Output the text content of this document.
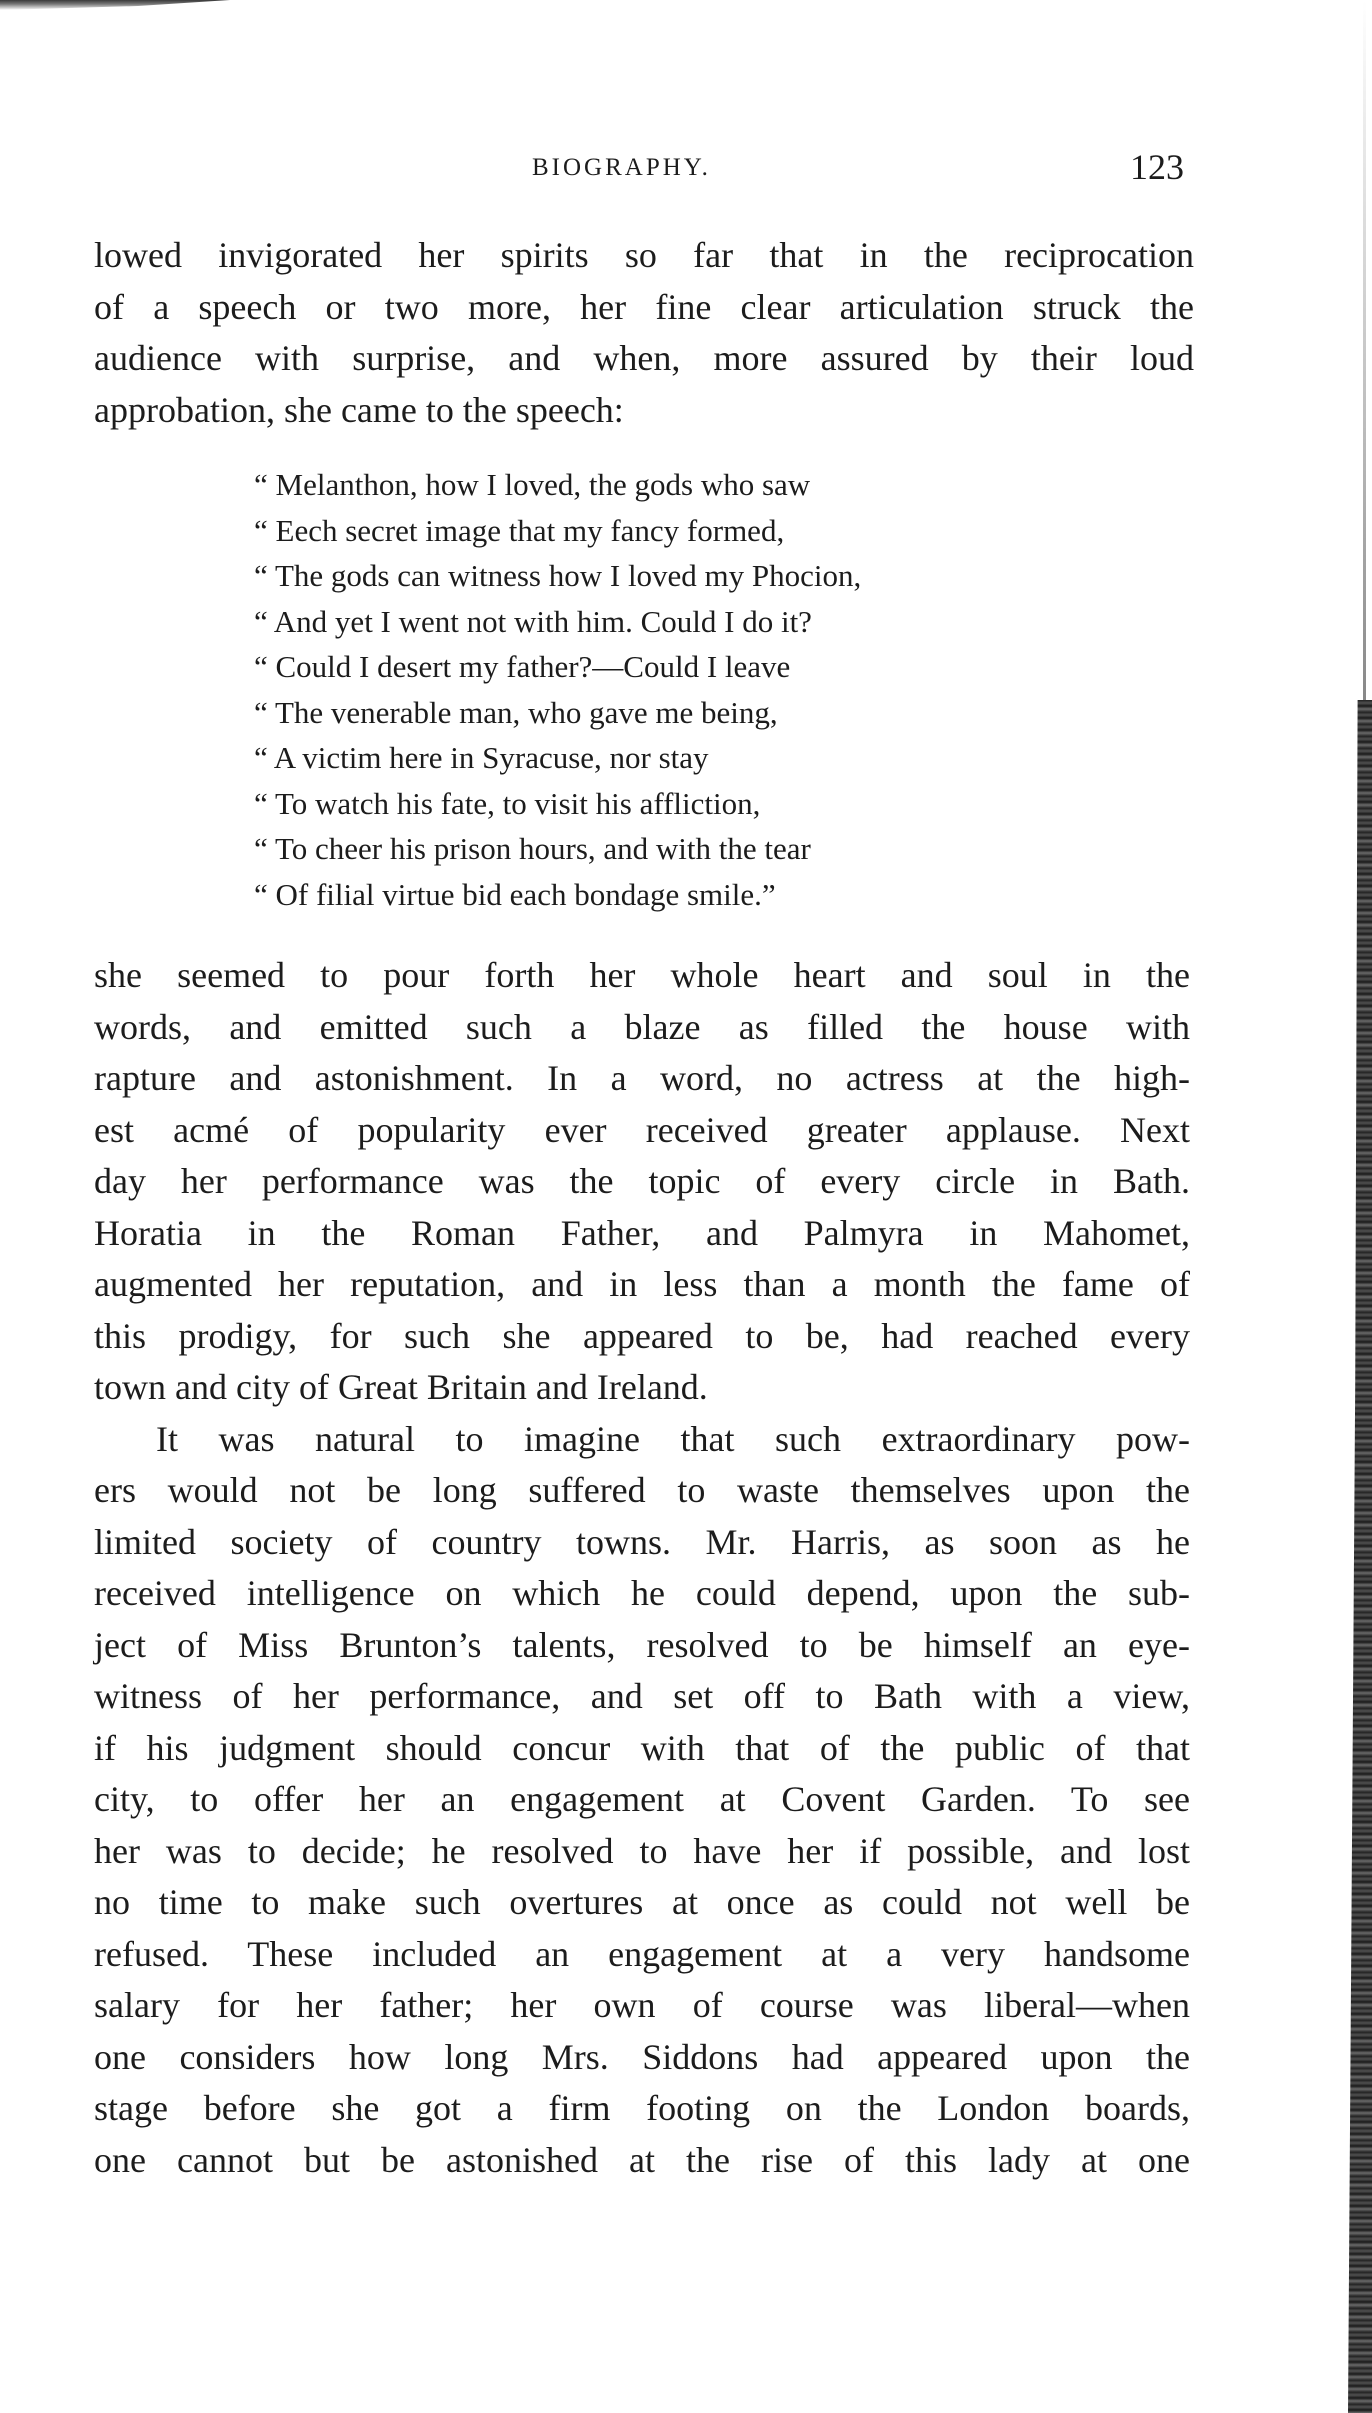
BIOGRAPHY.	123
lowed invigorated her spirits so far that in the reciprocation
of a speech or two more, her fine clear articulation struck the
audience with surprise, and when, more assured by their loud
approbation, she came to the speech:
“ Melanthon, how I loved, the gods who saw
“ Eech secret image that my fancy formed,
“ The gods can witness how I loved my Phocion,
“ And yet I went not with him. Could I do it?
“ Could I desert my father?—Could I leave
“ The venerable man, who gave me being,
“ A victim here in Syracuse, nor stay
“ To watch his fate, to visit his affliction,
“ To cheer his prison hours, and with the tear
“ Of filial virtue bid each bondage smile.”
she seemed to pour forth her whole heart and soul in the
words, and emitted such a blaze as filled the house with
rapture and astonishment. In a word, no actress at the high-
est acmé of popularity ever received greater applause. Next
day her performance was the topic of every circle in Bath.
Horatia in the Roman Father, and Palmyra in Mahomet,
augmented her reputation, and in less than a month the fame of
this prodigy, for such she appeared to be, had reached every
town and city of Great Britain and Ireland.
It was natural to imagine that such extraordinary pow-
ers would not be long suffered to waste themselves upon the
limited society of country towns. Mr. Harris, as soon as he
received intelligence on which he could depend, upon the sub-
ject of Miss Brunton’s talents, resolved to be himself an eye-
witness of her performance, and set off to Bath with a view,
if his judgment should concur with that of the public of that
city, to offer her an engagement at Covent Garden. To see
her was to decide; he resolved to have her if possible, and lost
no time to make such overtures at once as could not well be
refused. These included an engagement at a very handsome
salary for her father; her own of course was liberal—when
one considers how long Mrs. Siddons had appeared upon the
stage before she got a firm footing on the London boards,
one cannot but be astonished at the rise of this lady at one
